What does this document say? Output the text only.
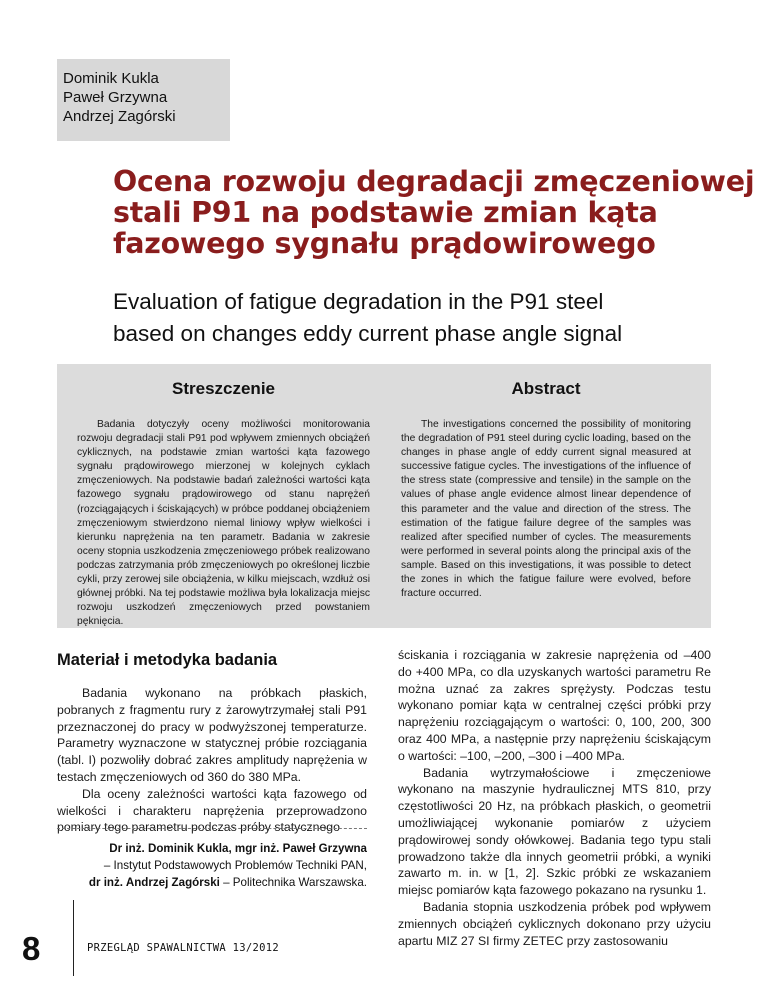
Dominik Kukla
Paweł Grzywna
Andrzej Zagórski
Ocena rozwoju degradacji zmęczeniowej
stali P91 na podstawie zmian kąta
fazowego sygnału prądowirowego
Evaluation of fatigue degradation in the P91 steel
based on changes eddy current phase angle signal
Streszczenie
Badania dotyczyły oceny możliwości monitorowania rozwoju degradacji stali P91 pod wpływem zmiennych obciążeń cyklicznych, na podstawie zmian wartości kąta fazowego sygnału prądowirowego mierzonej w kolejnych cyklach zmęczeniowych. Na podstawie badań zależności wartości kąta fazowego sygnału prądowirowego od stanu naprężeń (rozciągających i ściskających) w próbce poddanej obciążeniem zmęczeniowym stwierdzono niemal liniowy wpływ wielkości i kierunku naprężenia na ten parametr. Badania w zakresie oceny stopnia uszkodzenia zmęczeniowego próbek realizowano podczas zatrzymania prób zmęczeniowych po określonej liczbie cykli, przy zerowej sile obciążenia, w kilku miejscach, wzdłuż osi głównej próbki. Na tej podstawie możliwa była lokalizacja miejsc rozwoju uszkodzeń zmęczeniowych przed powstaniem pęknięcia.
Abstract
The investigations concerned the possibility of monitoring the degradation of P91 steel during cyclic loading, based on the changes in phase angle of eddy current signal measured at successive fatigue cycles. The investigations of the influence of the stress state (compressive and tensile) in the sample on the values of phase angle evidence almost linear dependence of this parameter and the value and direction of the stress. The estimation of the fatigue failure degree of the samples was realized after specified number of cycles. The measurements were performed in several points along the principal axis of the sample. Based on this investigations, it was possible to detect the zones in which the fatigue failure were evolved, before fracture occurred.
Materiał i metodyka badania

Badania wykonano na próbkach płaskich, pobranych z fragmentu rury z żarowytrzymałej stali P91 przeznaczonej do pracy w podwyższonej temperaturze. Parametry wyznaczone w statycznej próbie rozciągania (tabl. I) pozwoliły dobrać zakres amplitudy naprężenia w testach zmęczeniowych od 360 do 380 MPa.

Dla oceny zależności wartości kąta fazowego od wielkości i charakteru naprężenia przeprowadzono pomiary tego parametru podczas próby statycznego

Dr inż. Dominik Kukla, mgr inż. Paweł Grzywna
– Instytut Podstawowych Problemów Techniki PAN,
dr inż. Andrzej Zagórski – Politechnika Warszawska.

ściskania i rozciągania w zakresie naprężenia od –400 do +400 MPa, co dla uzyskanych wartości parametru Re można uznać za zakres sprężysty. Podczas testu wykonano pomiar kąta w centralnej części próbki przy naprężeniu rozciągającym o wartości: 0, 100, 200, 300 oraz 400 MPa, a następnie przy naprężeniu ściskającym o wartości: –100, –200, –300 i –400 MPa.

Badania wytrzymałościowe i zmęczeniowe wykonano na maszynie hydraulicznej MTS 810, przy częstotliwości 20 Hz, na próbkach płaskich, o geometrii umożliwiającej wykonanie pomiarów z użyciem prądowirowej sondy ołówkowej. Badania tego typu stali prowadzono także dla innych geometrii próbki, a wyniki zawarto m. in. w [1, 2]. Szkic próbki ze wskazaniem miejsc pomiarów kąta fazowego pokazano na rysunku 1.

Badania stopnia uszkodzenia próbek pod wpływem zmiennych obciążeń cyklicznych dokonano przy użyciu apartu MIZ 27 SI firmy ZETEC przy zastosowaniu

8	PRZEGLĄD SPAWALNICTWA 13/2012
